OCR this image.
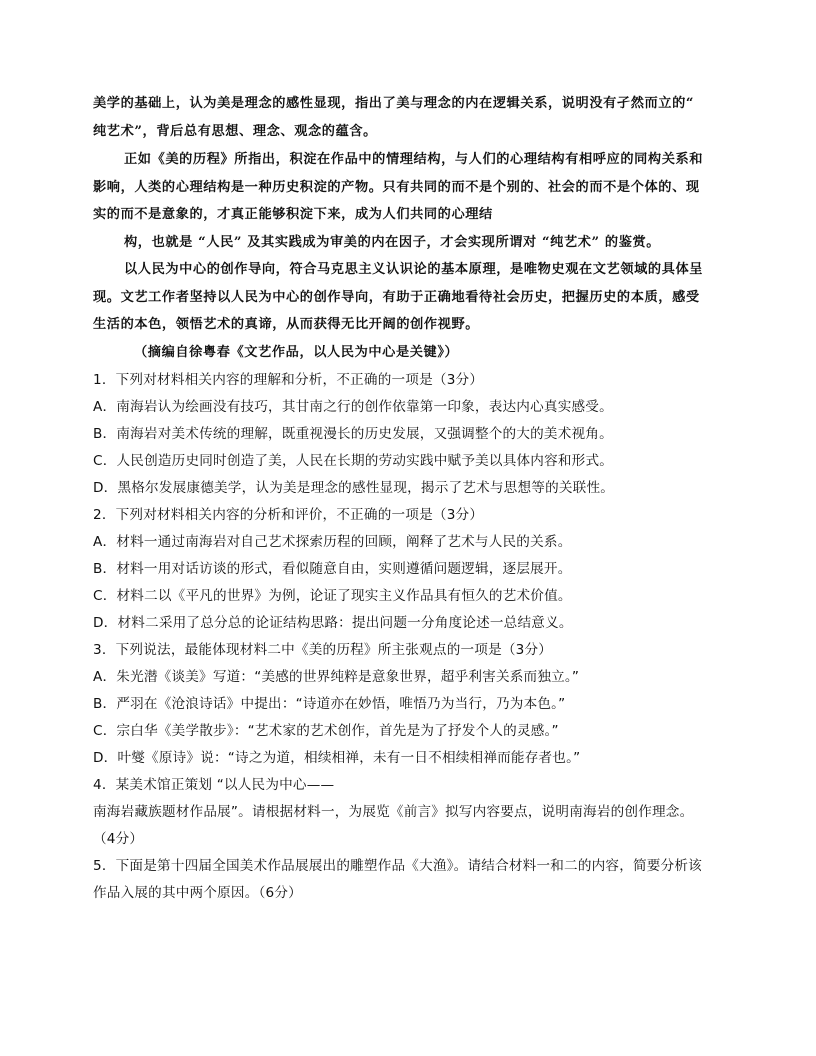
美学的基础上，认为美是理念的感性显现，指出了美与理念的内在逻辑关系，说明没有孑然而立的“
纯艺术”，背后总有思想、理念、观念的蕴含。
正如《美的历程》所指出，积淀在作品中的情理结构，与人们的心理结构有相呼应的同构关系和
影响，人类的心理结构是一种历史积淀的产物。只有共同的而不是个别的、社会的而不是个体的、现
实的而不是意象的，才真正能够积淀下来，成为人们共同的心理结
构，也就是 “人民” 及其实践成为审美的内在因子，才会实现所谓对 “纯艺术” 的鉴赏。
以人民为中心的创作导向，符合马克思主义认识论的基本原理，是唯物史观在文艺领域的具体呈
现。文艺工作者坚持以人民为中心的创作导向，有助于正确地看待社会历史，把握历史的本质，感受
生活的本色，领悟艺术的真谛，从而获得无比开阔的创作视野。
（摘编自徐粤春《文艺作品，以人民为中心是关键》）
1．下列对材料相关内容的理解和分析，不正确的一项是（3分）
A．南海岩认为绘画没有技巧，其甘南之行的创作依靠第一印象，表达内心真实感受。
B．南海岩对美术传统的理解，既重视漫长的历史发展，又强调整个的大的美术视角。
C．人民创造历史同时创造了美，人民在长期的劳动实践中赋予美以具体内容和形式。
D．黑格尔发展康德美学，认为美是理念的感性显现，揭示了艺术与思想等的关联性。
2．下列对材料相关内容的分析和评价，不正确的一项是（3分）
A．材料一通过南海岩对自己艺术探索历程的回顾，阐释了艺术与人民的关系。
B．材料一用对话访谈的形式，看似随意自由，实则遵循问题逻辑，逐层展开。
C．材料二以《平凡的世界》为例，论证了现实主义作品具有恒久的艺术价值。
D．材料二采用了总分总的论证结构思路：提出问题一分角度论述一总结意义。
3．下列说法，最能体现材料二中《美的历程》所主张观点的一项是（3分）
A．朱光潜《谈美》写道：“美感的世界纯粹是意象世界，超乎利害关系而独立。”
B．严羽在《沧浪诗话》中提出：“诗道亦在妙悟，唯悟乃为当行，乃为本色。”
C．宗白华《美学散步》：“艺术家的艺术创作，首先是为了抒发个人的灵感。”
D．叶燮《原诗》说：“诗之为道，相续相禅，未有一日不相续相禅而能存者也。”
4．某美术馆正策划 “以人民为中心——
南海岩藏族题材作品展”。请根据材料一，为展览《前言》拟写内容要点，说明南海岩的创作理念。
（4分）
5．下面是第十四届全国美术作品展展出的雕塑作品《大渔》。请结合材料一和二的内容，简要分析该
作品入展的其中两个原因。（6分）
